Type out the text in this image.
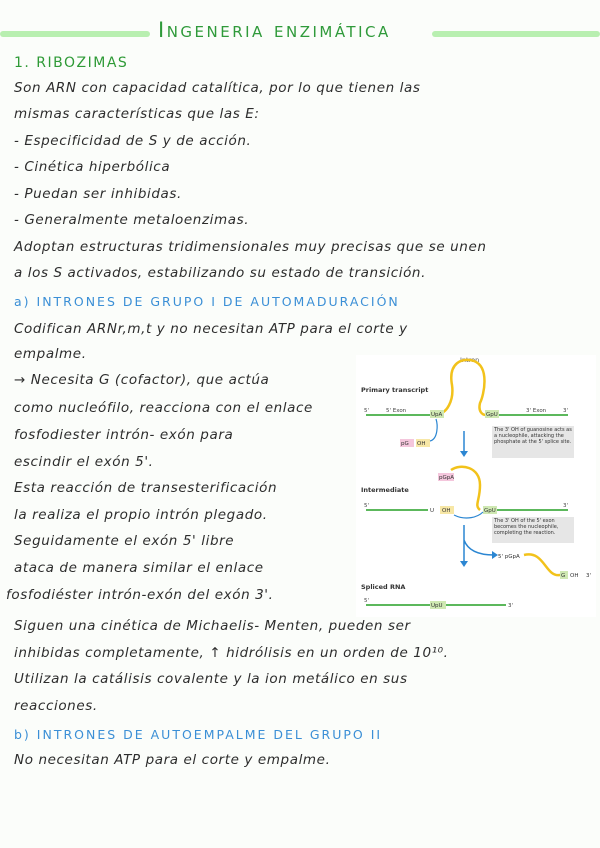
Ingeneria enzimática
1. RIBOZIMAS
Son ARN con capacidad catalítica, por lo que tienen las
mismas características que las E:
- Especificidad de S y de acción.
- Cinética hiperbólica
- Puedan ser inhibidas.
- Generalmente metaloenzimas.
Adoptan estructuras tridimensionales muy precisas que se unen
a los S activados, estabilizando su estado de transición.
a) INTRONES DE GRUPO I DE AUTOMADURACIÓN
Codifican ARNr,m,t y no necesitan ATP para el corte y
empalme.
→ Necesita G (cofactor), que actúa
como nucleófilo, reacciona con el enlace
fosfodiester intrón- exón para
escindir el exón 5'.
Esta reacción de transesterificación
la realiza el propio intrón plegado.
Seguidamente el exón 5' libre
ataca de manera similar el enlace
fosfodiéster intrón-exón del exón 3'.
Siguen una cinética de Michaelis- Menten, pueden ser
inhibidas completamente, ↑ hidrólisis en un orden de 10¹⁰.
Utilizan la catálisis covalente y la ion metálico en sus
reacciones.
b) INTRONES DE AUTOEMPALME DEL GRUPO II
No necesitan ATP para el corte y empalme.
Intron
Primary transcript
5'	5' Exon
UpA	GpU
3' Exon	3'
pG OH
The 3' OH of guanosine acts as a nucleophile, attacking the phosphate at the 5' splice site.
Intermediate
pGpA
5'
U OH	GpU
3'
The 3' OH of the 5' exon becomes the nucleophile, completing the reaction.
5' pGpA
G OH 3'
Spliced RNA
5'
UpU	3'
